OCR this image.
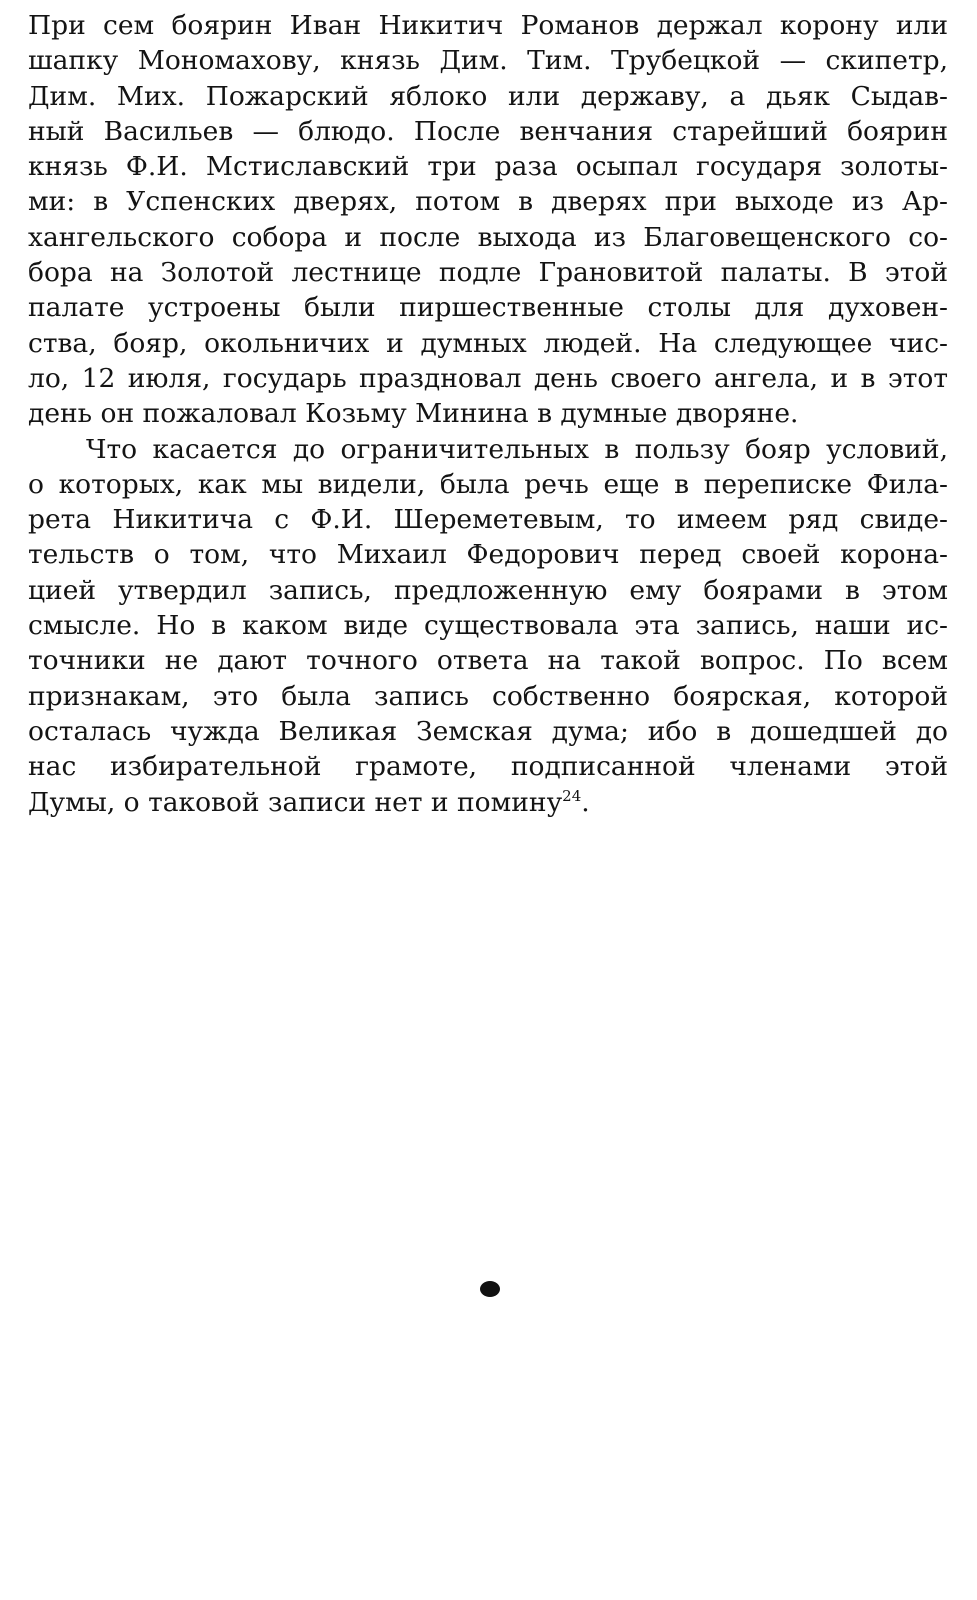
При сем боярин Иван Никитич Романов держал корону или
шапку Мономахову, князь Дим. Тим. Трубецкой — скипетр,
Дим. Мих. Пожарский яблоко или державу, а дьяк Сыдав-
ный Васильев — блюдо. После венчания старейший боярин
князь Ф.И. Мстиславский три раза осыпал государя золоты-
ми: в Успенских дверях, потом в дверях при выходе из Ар-
хангельского собора и после выхода из Благовещенского со-
бора на Золотой лестнице подле Грановитой палаты. В этой
палате устроены были пиршественные столы для духовен-
ства, бояр, окольничих и думных людей. На следующее чис-
ло, 12 июля, государь праздновал день своего ангела, и в этот
день он пожаловал Козьму Минина в думные дворяне.
Что касается до ограничительных в пользу бояр условий,
о которых, как мы видели, была речь еще в переписке Фила-
рета Никитича с Ф.И. Шереметевым, то имеем ряд свиде-
тельств о том, что Михаил Федорович перед своей корона-
цией утвердил запись, предложенную ему боярами в этом
смысле. Но в каком виде существовала эта запись, наши ис-
точники не дают точного ответа на такой вопрос. По всем
признакам, это была запись собственно боярская, которой
осталась чужда Великая Земская дума; ибо в дошедшей до
нас избирательной грамоте, подписанной членами этой
Думы, о таковой записи нет и помину$^{24}$.
